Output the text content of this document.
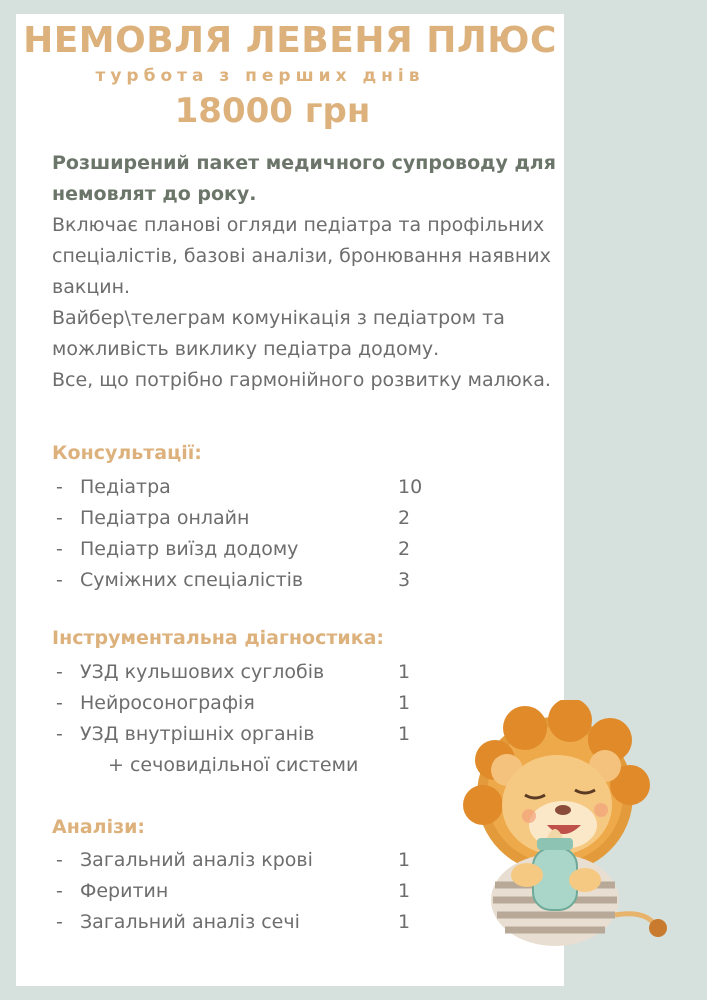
НЕМОВЛЯ ЛЕВЕНЯ ПЛЮС
турбота з перших днів
18000 грн

Розширений пакет медичного супроводу для немовлят до року.

Включає планові огляди педіатра та профільних спеціалістів, базові аналізи, бронювання наявних вакцин.

Вайбер\телеграм комунікація з педіатром та можливість виклику педіатра додому.

Все, що потрібно гармонійного розвитку малюка.

Консультації:
- Педіатра	10
- Педіатра онлайн	2
- Педіатр виїзд додому	2
- Суміжних спеціалістів	3
Інструментальна діагностика:
- УЗД кульшових суглобів	1
- Нейросонографія	1
- УЗД внутрішніх органів	1
+ сечовидільної системи
Аналізи:
- Загальний аналіз крові	1
- Феритин	1
- Загальний аналіз сечі	1
